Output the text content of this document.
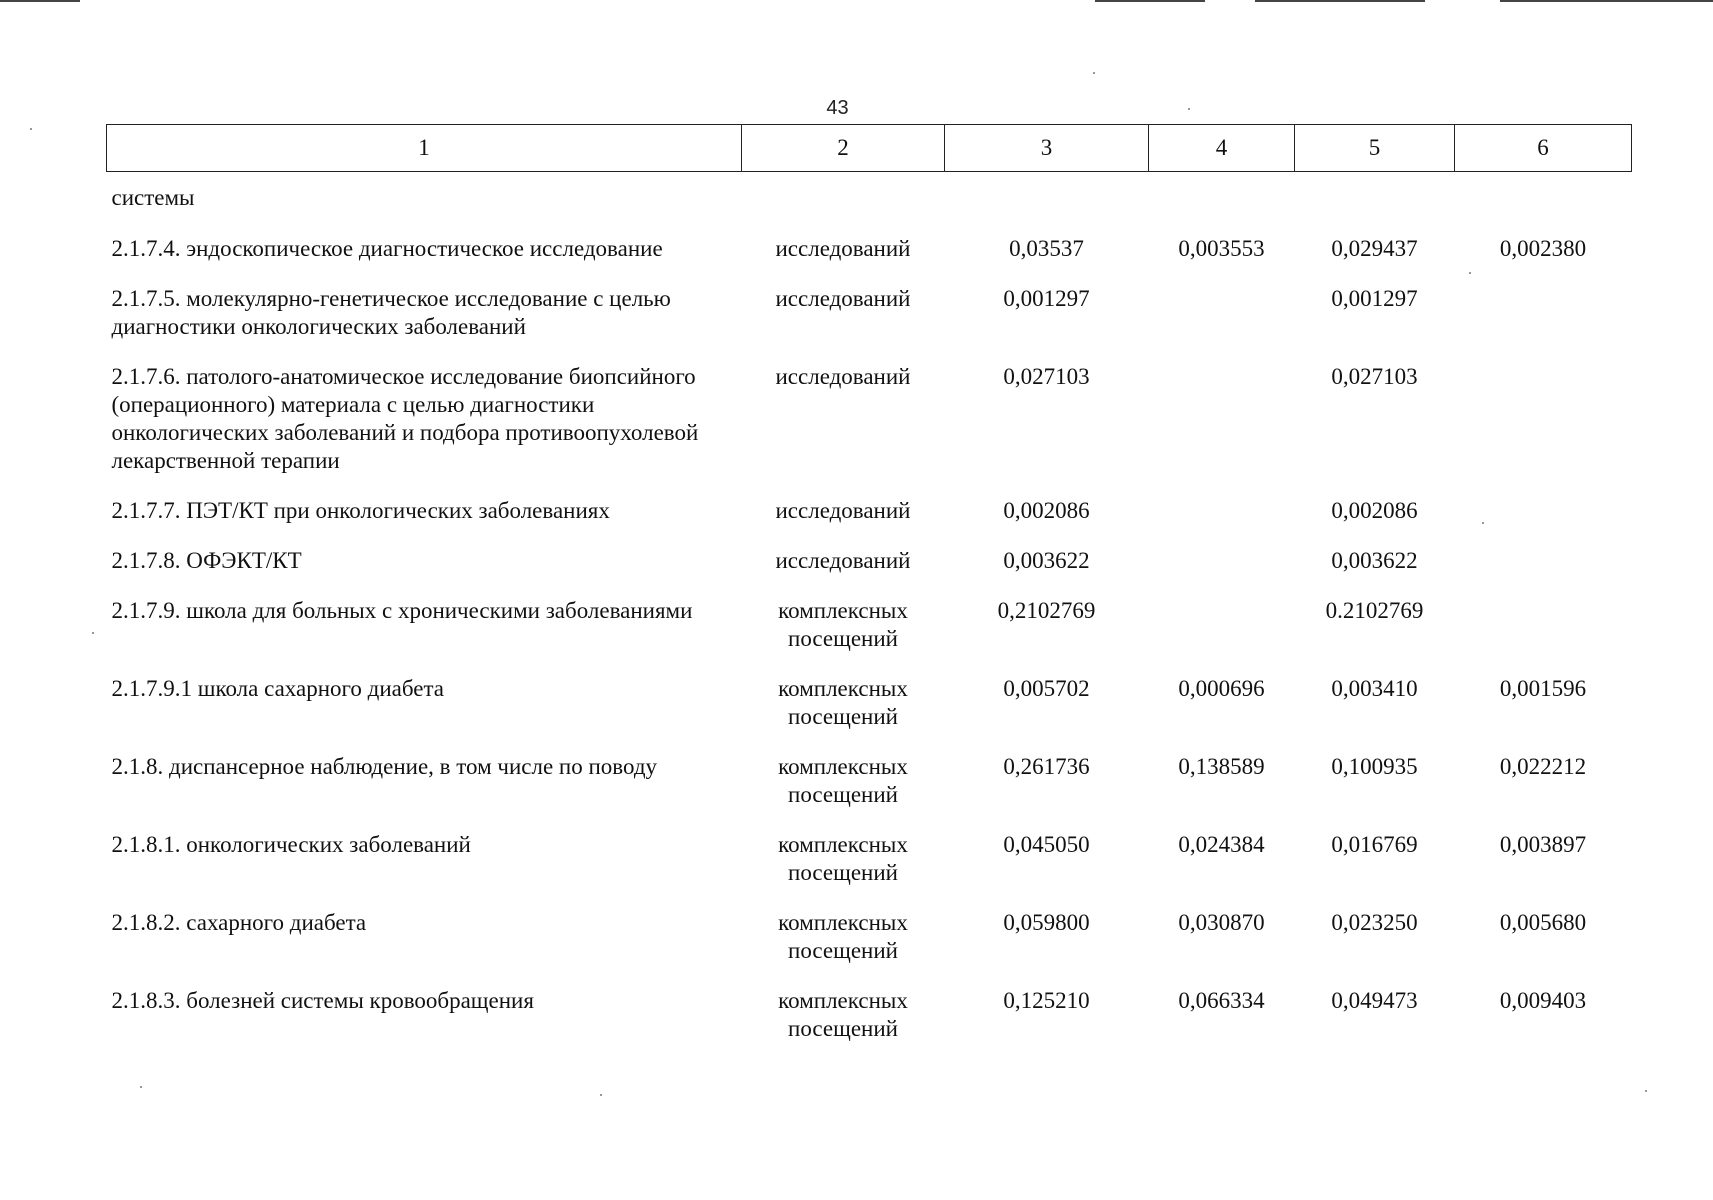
43
1	2	3	4	5	6

системы					

2.1.7.4. эндоскопическое диагностическое исследование	исследований	0,03537	0,003553	0,029437	0,002380

2.1.7.5. молекулярно-генетическое исследование с целью диагностики онкологических заболеваний	исследований	0,001297		0,001297	

2.1.7.6. патолого-анатомическое исследование биопсийного (операционного) материала с целью диагностики онкологических заболеваний и подбора противоопухолевой лекарственной терапии	исследований	0,027103		0,027103	

2.1.7.7. ПЭТ/КТ при онкологических заболеваниях	исследований	0,002086		0,002086	

2.1.7.8. ОФЭКТ/КТ	исследований	0,003622		0,003622	

2.1.7.9. школа для больных с хроническими заболеваниями	комплексных посещений	0,2102769		0.2102769	

2.1.7.9.1 школа сахарного диабета	комплексных посещений	0,005702	0,000696	0,003410	0,001596

2.1.8. диспансерное наблюдение, в том числе по поводу	комплексных посещений	0,261736	0,138589	0,100935	0,022212

2.1.8.1. онкологических заболеваний	комплексных посещений	0,045050	0,024384	0,016769	0,003897

2.1.8.2. сахарного диабета	комплексных посещений	0,059800	0,030870	0,023250	0,005680

2.1.8.3. болезней системы кровообращения	комплексных посещений	0,125210	0,066334	0,049473	0,009403
